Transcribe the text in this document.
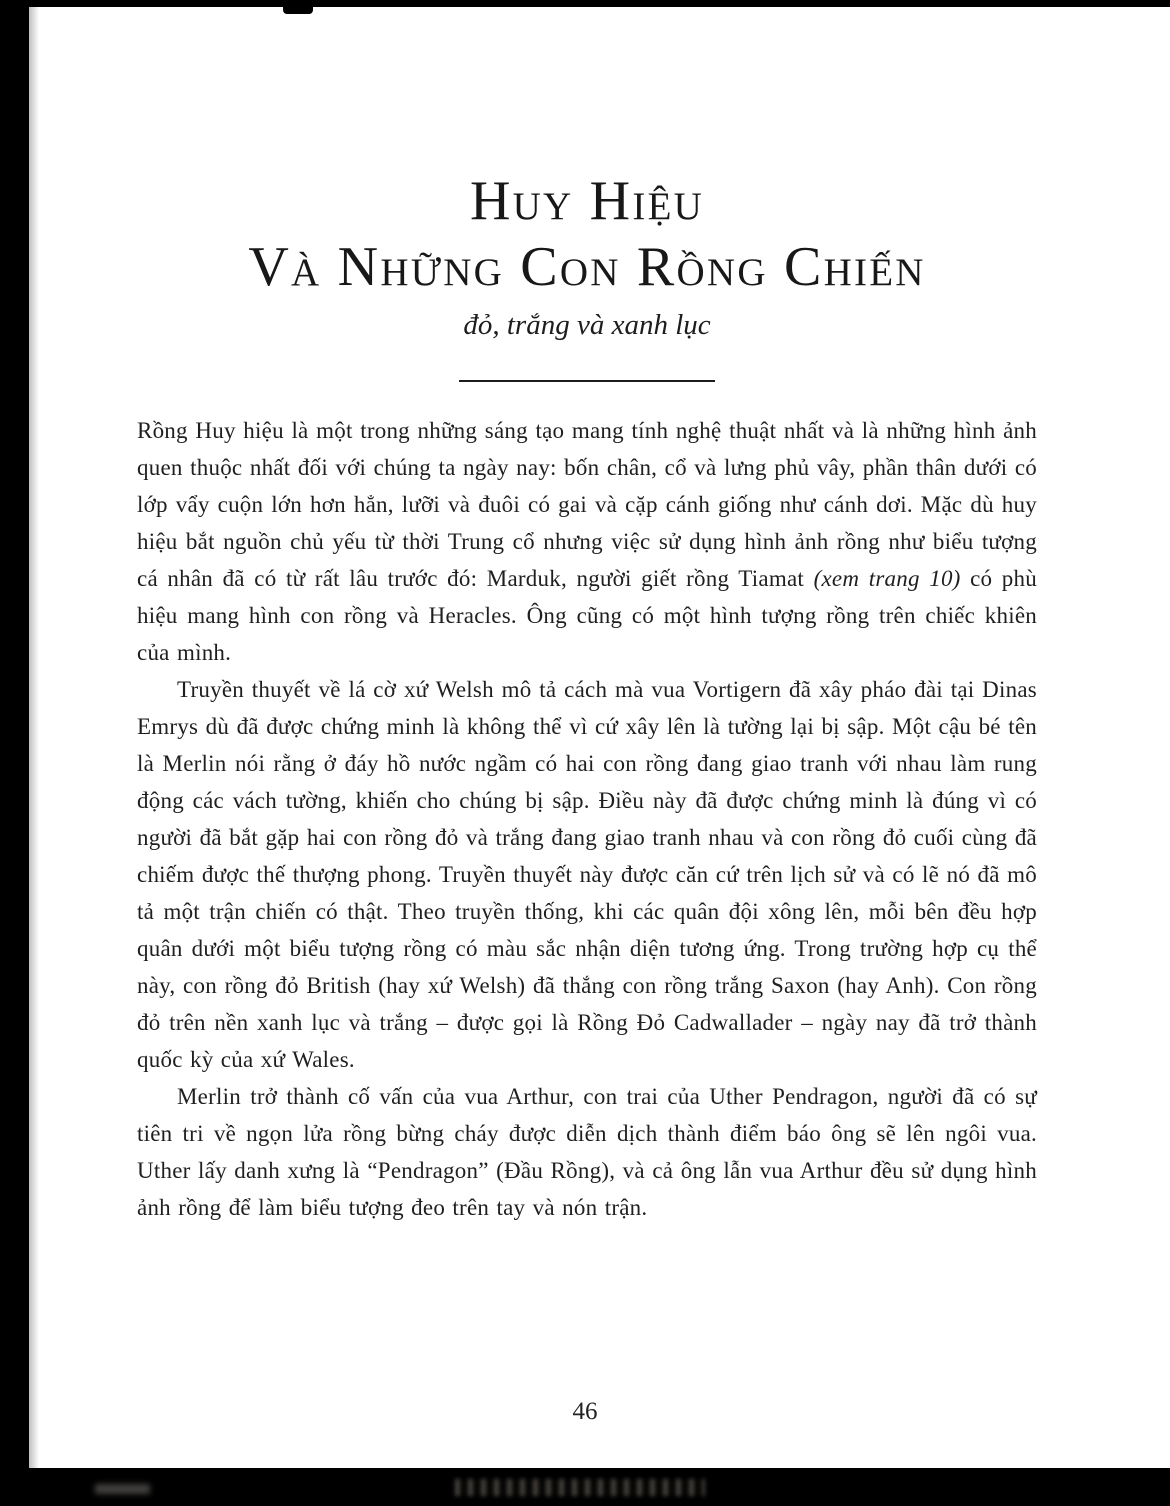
Huy Hiệu
Và Những Con Rồng Chiến
đỏ, trắng và xanh lục

Rồng Huy hiệu là một trong những sáng tạo mang tính nghệ thuật nhất và là những hình ảnh quen thuộc nhất đối với chúng ta ngày nay: bốn chân, cổ và lưng phủ vây, phần thân dưới có lớp vẩy cuộn lớn hơn hẳn, lưỡi và đuôi có gai và cặp cánh giống như cánh dơi. Mặc dù huy hiệu bắt nguồn chủ yếu từ thời Trung cổ nhưng việc sử dụng hình ảnh rồng như biểu tượng cá nhân đã có từ rất lâu trước đó: Marduk, người giết rồng Tiamat (xem trang 10) có phù hiệu mang hình con rồng và Heracles. Ông cũng có một hình tượng rồng trên chiếc khiên của mình.

Truyền thuyết về lá cờ xứ Welsh mô tả cách mà vua Vortigern đã xây pháo đài tại Dinas Emrys dù đã được chứng minh là không thể vì cứ xây lên là tường lại bị sập. Một cậu bé tên là Merlin nói rằng ở đáy hồ nước ngầm có hai con rồng đang giao tranh với nhau làm rung động các vách tường, khiến cho chúng bị sập. Điều này đã được chứng minh là đúng vì có người đã bắt gặp hai con rồng đỏ và trắng đang giao tranh nhau và con rồng đỏ cuối cùng đã chiếm được thế thượng phong. Truyền thuyết này được căn cứ trên lịch sử và có lẽ nó đã mô tả một trận chiến có thật. Theo truyền thống, khi các quân đội xông lên, mỗi bên đều hợp quân dưới một biểu tượng rồng có màu sắc nhận diện tương ứng. Trong trường hợp cụ thể này, con rồng đỏ British (hay xứ Welsh) đã thắng con rồng trắng Saxon (hay Anh). Con rồng đỏ trên nền xanh lục và trắng – được gọi là Rồng Đỏ Cadwallader – ngày nay đã trở thành quốc kỳ của xứ Wales.

Merlin trở thành cố vấn của vua Arthur, con trai của Uther Pendragon, người đã có sự tiên tri về ngọn lửa rồng bừng cháy được diễn dịch thành điểm báo ông sẽ lên ngôi vua. Uther lấy danh xưng là “Pendragon” (Đầu Rồng), và cả ông lẫn vua Arthur đều sử dụng hình ảnh rồng để làm biểu tượng đeo trên tay và nón trận.

46
